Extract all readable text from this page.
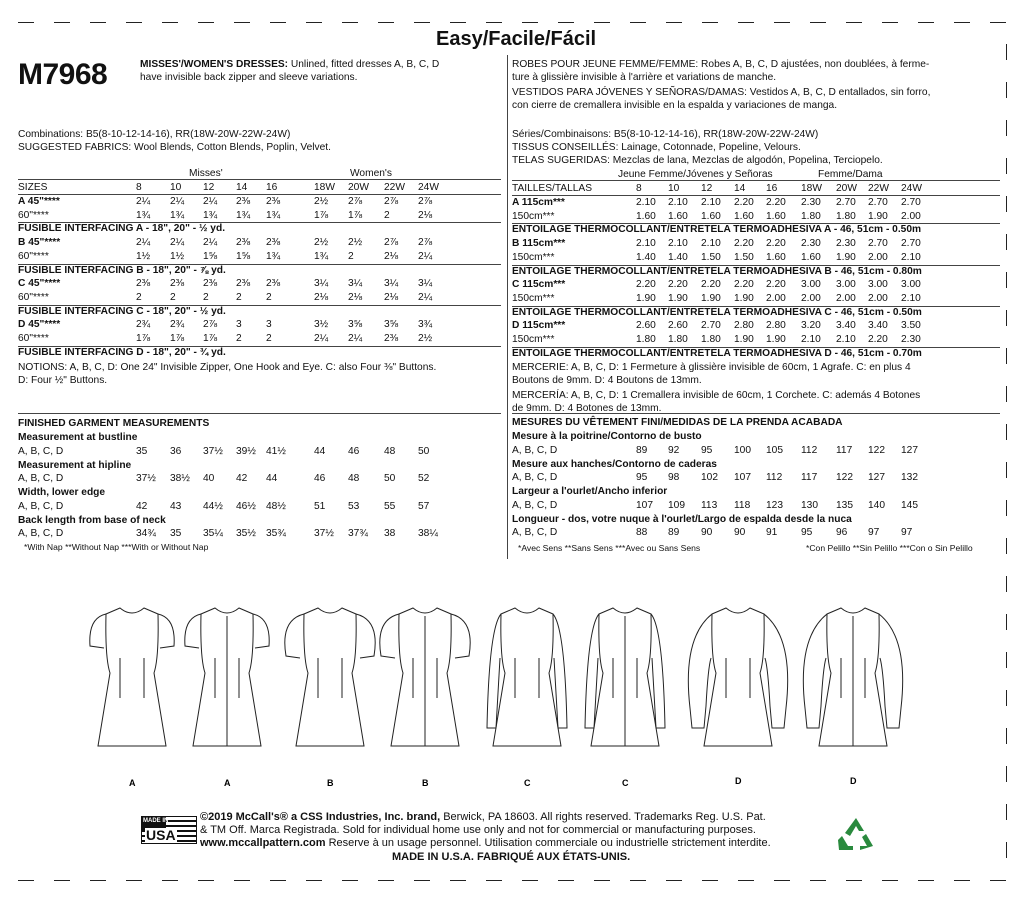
M7968
Easy/Facile/Fácil
MISSES'/WOMEN'S DRESSES: Unlined, fitted dresses A, B, C, D
have invisible back zipper and sleeve variations.
ROBES POUR JEUNE FEMME/FEMME: Robes A, B, C, D ajustées, non doublées, à ferme-
ture à glissière invisible à l'arrière et variations de manche.
VESTIDOS PARA JÓVENES Y SEÑORAS/DAMAS: Vestidos A, B, C, D entallados, sin forro,
con cierre de cremallera invisible en la espalda y variaciones de manga.
Combinations: B5(8-10-12-14-16), RR(18W-20W-22W-24W)
SUGGESTED FABRICS: Wool Blends, Cotton Blends, Poplin, Velvet.
Misses'	Women's
SIZES	8	10 12 14 16	18W 20W 22W 24W
A 45"****	2¼ 2¼ 2¼ 2⅜ 2⅜	2½ 2⅞ 2⅞ 2⅞
60"****	1¾ 1¾ 1¾ 1¾ 1¾	1⅞ 1⅞ 2	2⅛
FUSIBLE INTERFACING A - 18", 20" - ½ yd.
B 45"****	2¼ 2¼ 2¼ 2⅜ 2⅜	2½ 2½ 2⅞ 2⅞
60"****	1½ 1½ 1⅝ 1⅝ 1¾	1¾ 2	2⅛ 2¼
FUSIBLE INTERFACING B - 18", 20" - ⅞ yd.
C 45"****	2⅜ 2⅜ 2⅜ 2⅜ 2⅜	3¼ 3¼ 3¼ 3¼
60"****	2	2	2	2 2	2⅛ 2⅛ 2⅛ 2¼
FUSIBLE INTERFACING C - 18", 20" - ½ yd.
D 45"****	2¾ 2¾ 2⅞ 3 3	3½ 3⅝ 3⅝ 3¾
60"****	1⅞ 1⅞ 1⅞ 2 2	2¼ 2¼ 2⅜ 2½
FUSIBLE INTERFACING D - 18", 20" - ¾ yd.
NOTIONS: A, B, C, D: One 24" Invisible Zipper, One Hook and Eye. C: also Four ⅜" Buttons.
D: Four ½" Buttons.
FINISHED GARMENT MEASUREMENTS
Measurement at bustline
A, B, C, D	35 36 37½ 39½ 41½	44 46 48 50
Measurement at hipline
A, B, C, D	37½ 38½ 40 42 44	46 48 50 52
Width, lower edge
A, B, C, D	42 43 44½ 46½ 48½	51 53 55 57
Back length from base of neck
A, B, C, D	34¾ 35 35¼ 35½ 35¾	37½ 37¾ 38 38¼
*With Nap **Without Nap ***With or Without Nap
Séries/Combinaisons: B5(8-10-12-14-16), RR(18W-20W-22W-24W)
TISSUS CONSEILLÉS: Lainage, Cotonnade, Popeline, Velours.
TELAS SUGERIDAS: Mezclas de lana, Mezclas de algodón, Popelina, Terciopelo.
Jeune Femme/Jóvenes y Señoras	Femme/Dama
TAILLES/TALLAS	8	10 12 14 16 18W 20W 22W 24W
A 115cm***	2.10 2.10 2.10 2.20 2.20 2.30 2.70 2.70 2.70
150cm***	1.60 1.60 1.60 1.60 1.60 1.80 1.80 1.90 2.00
ENTOILAGE THERMOCOLLANT/ENTRETELA TERMOADHESIVA A - 46, 51cm - 0.50m
B 115cm***	2.10 2.10 2.10 2.20 2.20 2.30 2.30 2.70 2.70
150cm***	1.40 1.40 1.50 1.50 1.60 1.60 1.90 2.00 2.10
ENTOILAGE THERMOCOLLANT/ENTRETELA TERMOADHESIVA B - 46, 51cm - 0.80m
C 115cm***	2.20 2.20 2.20 2.20 2.20 3.00 3.00 3.00 3.00
150cm***	1.90 1.90 1.90 1.90 2.00 2.00 2.00 2.00 2.10
ENTOILAGE THERMOCOLLANT/ENTRETELA TERMOADHESIVA C - 46, 51cm - 0.50m
D 115cm***	2.60 2.60 2.70 2.80 2.80 3.20 3.40 3.40 3.50
150cm***	1.80 1.80 1.80 1.90 1.90 2.10 2.10 2.20 2.30
ENTOILAGE THERMOCOLLANT/ENTRETELA TERMOADHESIVA D - 46, 51cm - 0.70m
MERCERIE: A, B, C, D: 1 Fermeture à glissière invisible de 60cm, 1 Agrafe. C: en plus 4
Boutons de 9mm. D: 4 Boutons de 13mm.
MERCERÍA: A, B, C, D: 1 Cremallera invisible de 60cm, 1 Corchete. C: además 4 Botones
de 9mm. D: 4 Botones de 13mm.
MESURES DU VÊTEMENT FINI/MEDIDAS DE LA PRENDA ACABADA
Mesure à la poitrine/Contorno de busto
A, B, C, D	89 92 95 100 105 112 117 122 127
Mesure aux hanches/Contorno de caderas
A, B, C, D	95 98 102 107 112 117 122 127 132
Largeur a l'ourlet/Ancho inferior
A, B, C, D	107 109 113 118 123 130 135 140 145
Longueur - dos, votre nuque à l'ourlet/Largo de espalda desde la nuca
A, B, C, D	88 89 90 90 91 95 96 97 97
*Avec Sens **Sans Sens ***Avec ou Sans Sens	*Con Pelillo **Sin Pelillo ***Con o Sin Pelillo
A	A	B	B	C	C	D	D
MADE IN
USA
©2019 McCall's® a CSS Industries, Inc. brand, Berwick, PA 18603. All rights reserved. Trademarks Reg. U.S. Pat.
& TM Off. Marca Registrada. Sold for individual home use only and not for commercial or manufacturing purposes.
www.mccallpattern.com Reserve à un usage personnel. Utilisation commerciale ou industrielle strictement interdite.
MADE IN U.S.A. FABRIQUÉ AUX ÉTATS-UNIS.
